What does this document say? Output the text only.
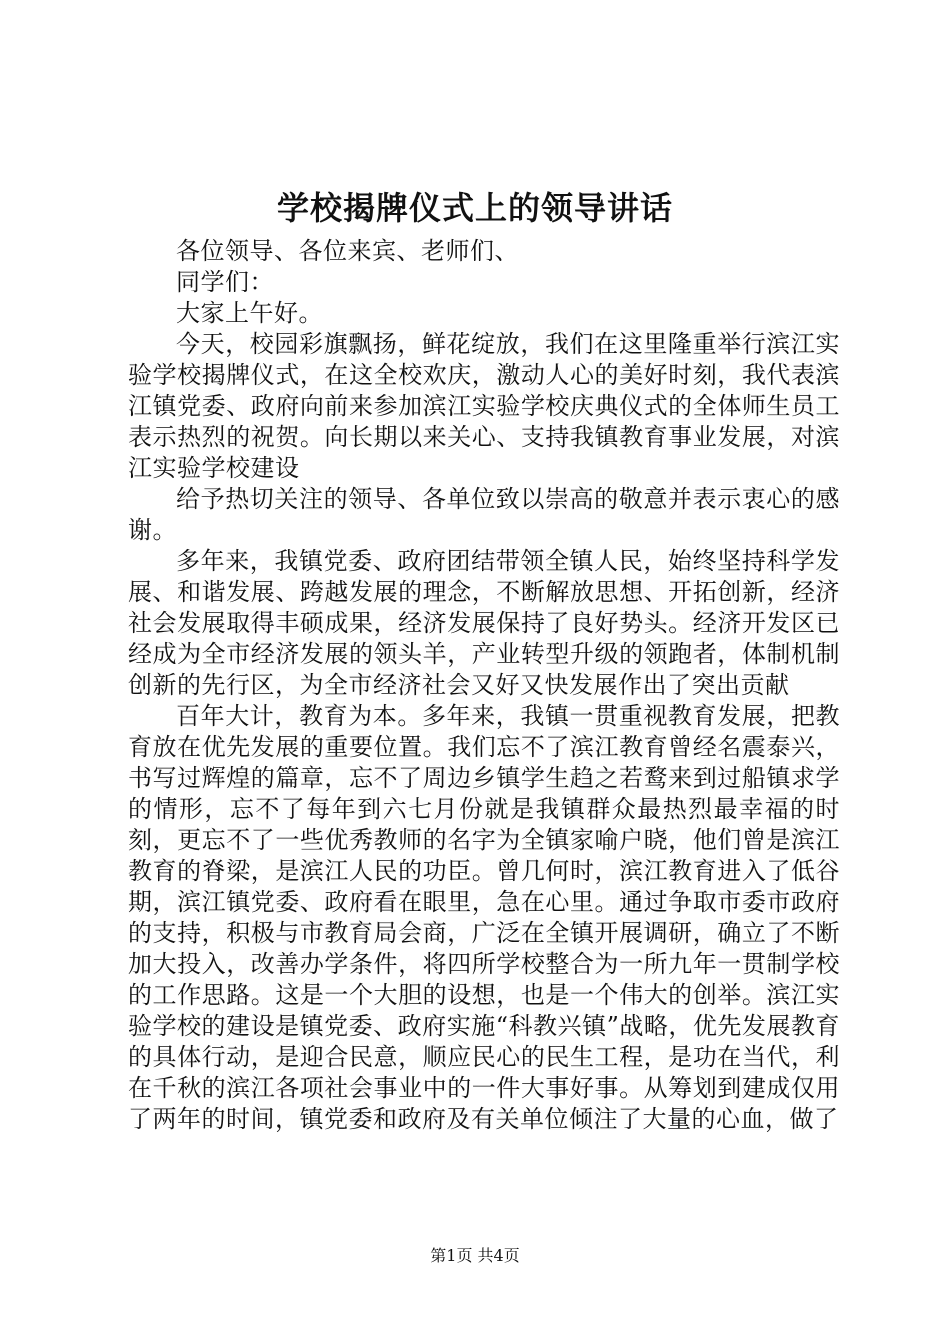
学校揭牌仪式上的领导讲话

各位领导、各位来宾、老师们、

同学们：

大家上午好。

今天，校园彩旗飘扬，鲜花绽放，我们在这里隆重举行滨江实验学校揭牌仪式，在这全校欢庆，激动人心的美好时刻，我代表滨江镇党委、政府向前来参加滨江实验学校庆典仪式的全体师生员工表示热烈的祝贺。向长期以来关心、支持我镇教育事业发展，对滨江实验学校建设

给予热切关注的领导、各单位致以崇高的敬意并表示衷心的感谢。

多年来，我镇党委、政府团结带领全镇人民，始终坚持科学发展、和谐发展、跨越发展的理念，不断解放思想、开拓创新，经济社会发展取得丰硕成果，经济发展保持了良好势头。经济开发区已经成为全市经济发展的领头羊，产业转型升级的领跑者，体制机制创新的先行区，为全市经济社会又好又快发展作出了突出贡献

百年大计，教育为本。多年来，我镇一贯重视教育发展，把教育放在优先发展的重要位置。我们忘不了滨江教育曾经名震泰兴，书写过辉煌的篇章，忘不了周边乡镇学生趋之若鹜来到过船镇求学的情形，忘不了每年到六七月份就是我镇群众最热烈最幸福的时刻，更忘不了一些优秀教师的名字为全镇家喻户晓，他们曾是滨江教育的脊梁，是滨江人民的功臣。曾几何时，滨江教育进入了低谷期，滨江镇党委、政府看在眼里，急在心里。通过争取市委市政府的支持，积极与市教育局会商，广泛在全镇开展调研，确立了不断加大投入，改善办学条件，将四所学校整合为一所九年一贯制学校的工作思路。这是一个大胆的设想，也是一个伟大的创举。滨江实验学校的建设是镇党委、政府实施“科教兴镇”战略，优先发展教育的具体行动，是迎合民意，顺应民心的民生工程，是功在当代，利在千秋的滨江各项社会事业中的一件大事好事。从筹划到建成仅用了两年的时间，镇党委和政府及有关单位倾注了大量的心血，做了

第1页 共4页
